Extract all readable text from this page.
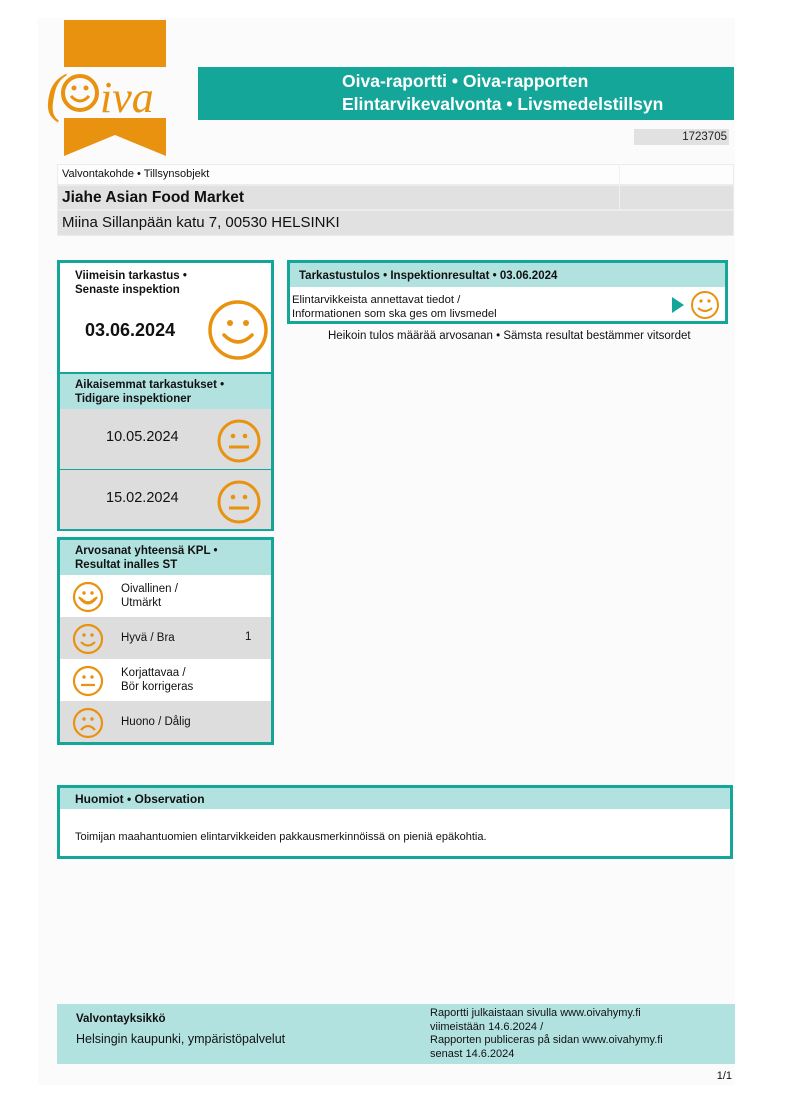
( iva	Oiva-raportti • Oiva-rapporten
Elintarvikevalvonta • Livsmedelstillsyn
1723705
Valvontakohde • Tillsynsobjekt
Jiahe Asian Food Market
Miina Sillanpään katu 7, 00530 HELSINKI
Viimeisin tarkastus •
Senaste inspektion
03.06.2024
Aikaisemmat tarkastukset •
Tidigare inspektioner
10.05.2024
15.02.2024
Arvosanat yhteensä KPL •
Resultat inalles ST
Oivallinen /
Utmärkt
Hyvä / Bra	1
Korjattavaa /
Bör korrigeras
Huono / Dålig
Tarkastustulos • Inspektionresultat • 03.06.2024
Elintarvikkeista annettavat tiedot /
Informationen som ska ges om livsmedel
Heikoin tulos määrää arvosanan • Sämsta resultat bestämmer vitsordet
Huomiot • Observation
Toimijan maahantuomien elintarvikkeiden pakkausmerkinnöissä on pieniä epäkohtia.
Valvontayksikkö
Helsingin kaupunki, ympäristöpalvelut
Raportti julkaistaan sivulla www.oivahymy.fi
viimeistään 14.6.2024 /
Rapporten publiceras på sidan www.oivahymy.fi
senast 14.6.2024
1/1
